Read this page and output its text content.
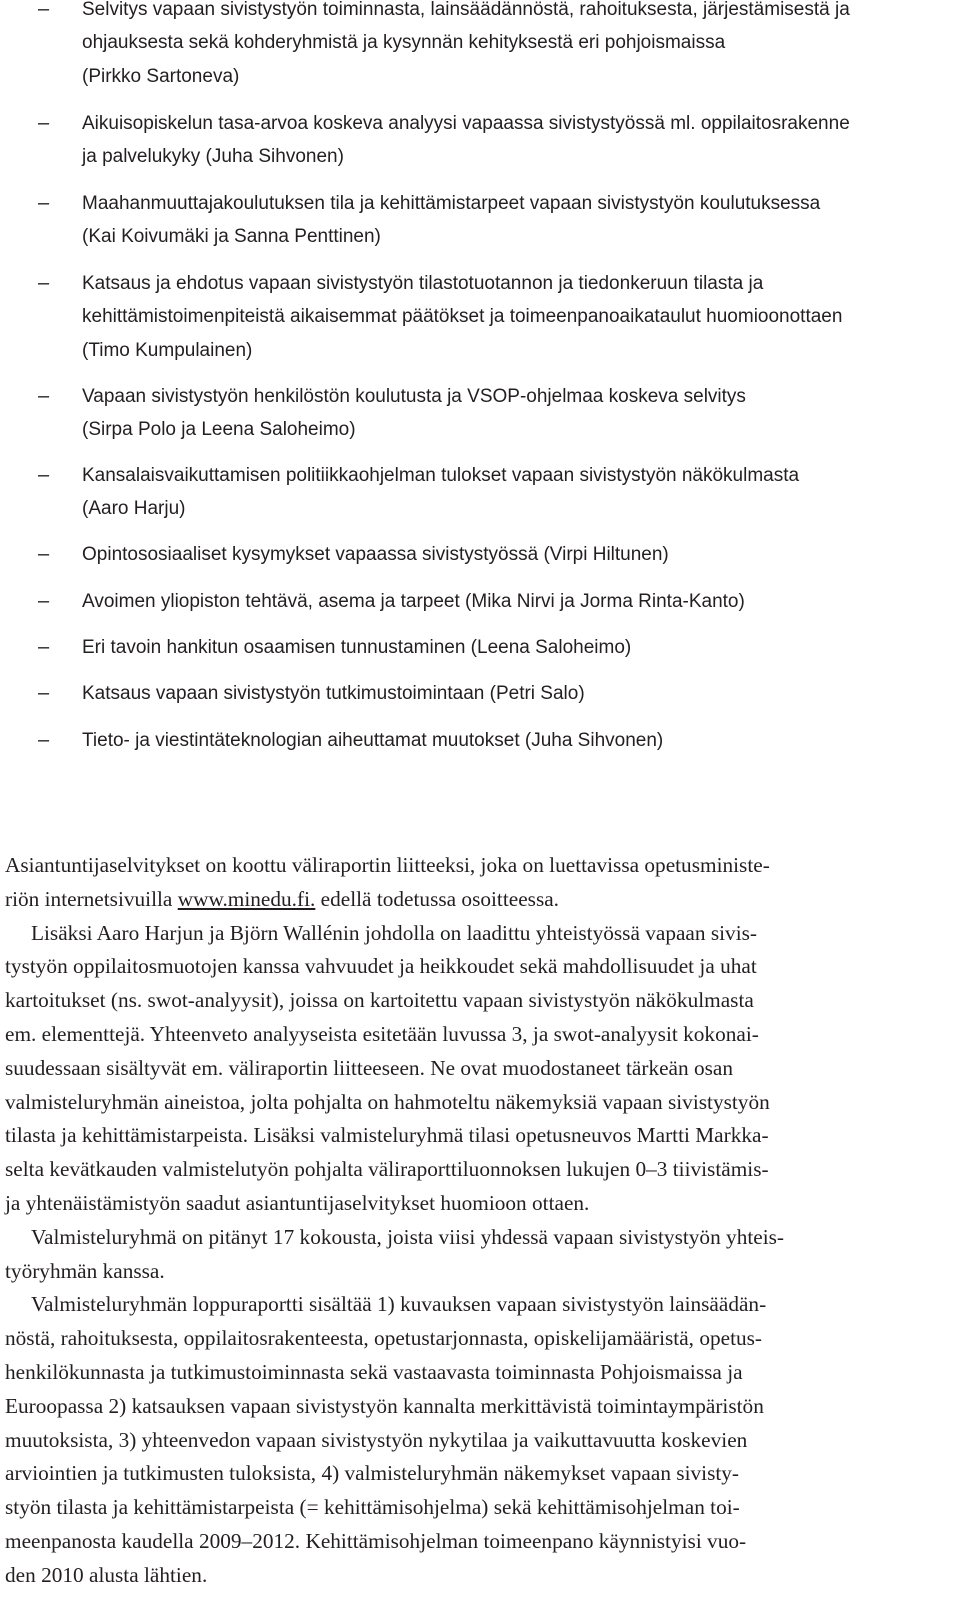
– Selvitys vapaan sivistystyön toiminnasta, lainsäädännöstä, rahoituksesta, järjestämisestä ja
ohjauksesta sekä kohderyhmistä ja kysynnän kehityksestä eri pohjoismaissa
(Pirkko Sartoneva)
– Aikuisopiskelun tasa-arvoa koskeva analyysi vapaassa sivistystyössä ml. oppilaitosrakenne
ja palvelukyky (Juha Sihvonen)
– Maahanmuuttajakoulutuksen tila ja kehittämistarpeet vapaan sivistystyön koulutuksessa
(Kai Koivumäki ja Sanna Penttinen)
– Katsaus ja ehdotus vapaan sivistystyön tilastotuotannon ja tiedonkeruun tilasta ja
kehittämistoimenpiteistä aikaisemmat päätökset ja toimeenpanoaikataulut huomioonottaen
(Timo Kumpulainen)
– Vapaan sivistystyön henkilöstön koulutusta ja VSOP-ohjelmaa koskeva selvitys
(Sirpa Polo ja Leena Saloheimo)
– Kansalaisvaikuttamisen politiikkaohjelman tulokset vapaan sivistystyön näkökulmasta
(Aaro Harju)
– Opintososiaaliset kysymykset vapaassa sivistystyössä (Virpi Hiltunen)
– Avoimen yliopiston tehtävä, asema ja tarpeet (Mika Nirvi ja Jorma Rinta-Kanto)
– Eri tavoin hankitun osaamisen tunnustaminen (Leena Saloheimo)
– Katsaus vapaan sivistystyön tutkimustoimintaan (Petri Salo)
– Tieto- ja viestintäteknologian aiheuttamat muutokset (Juha Sihvonen)

Asiantuntijaselvitykset on koottu väliraportin liitteeksi, joka on luettavissa opetusministe-
riön internetsivuilla www.minedu.fi. edellä todetussa osoitteessa.

Lisäksi Aaro Harjun ja Björn Wallénin johdolla on laadittu yhteistyössä vapaan sivis-
tystyön oppilaitosmuotojen kanssa vahvuudet ja heikkoudet sekä mahdollisuudet ja uhat
kartoitukset (ns. swot-analyysit), joissa on kartoitettu vapaan sivistystyön näkökulmasta
em. elementtejä. Yhteenveto analyyseista esitetään luvussa 3, ja swot-analyysit kokonai-
suudessaan sisältyvät em. väliraportin liitteeseen. Ne ovat muodostaneet tärkeän osan
valmisteluryhmän aineistoa, jolta pohjalta on hahmoteltu näkemyksiä vapaan sivistystyön
tilasta ja kehittämistarpeista. Lisäksi valmisteluryhmä tilasi opetusneuvos Martti Markka-
selta kevätkauden valmistelutyön pohjalta väliraporttiluonnoksen lukujen 0–3 tiivistämis-
ja yhtenäistämistyön saadut asiantuntijaselvitykset huomioon ottaen.

Valmisteluryhmä on pitänyt 17 kokousta, joista viisi yhdessä vapaan sivistystyön yhteis-
työryhmän kanssa.

Valmisteluryhmän loppuraportti sisältää 1) kuvauksen vapaan sivistystyön lainsäädän-
nöstä, rahoituksesta, oppilaitosrakenteesta, opetustarjonnasta, opiskelijamääristä, opetus-
henkilökunnasta ja tutkimustoiminnasta sekä vastaavasta toiminnasta Pohjoismaissa ja
Euroopassa 2) katsauksen vapaan sivistystyön kannalta merkittävistä toimintaympäristön
muutoksista, 3) yhteenvedon vapaan sivistystyön nykytilaa ja vaikuttavuutta koskevien
arviointien ja tutkimusten tuloksista, 4) valmisteluryhmän näkemykset vapaan sivisty-
styön tilasta ja kehittämistarpeista (= kehittämisohjelma) sekä kehittämisohjelman toi-
meenpanosta kaudella 2009–2012. Kehittämisohjelman toimeenpano käynnistyisi vuo-
den 2010 alusta lähtien.
